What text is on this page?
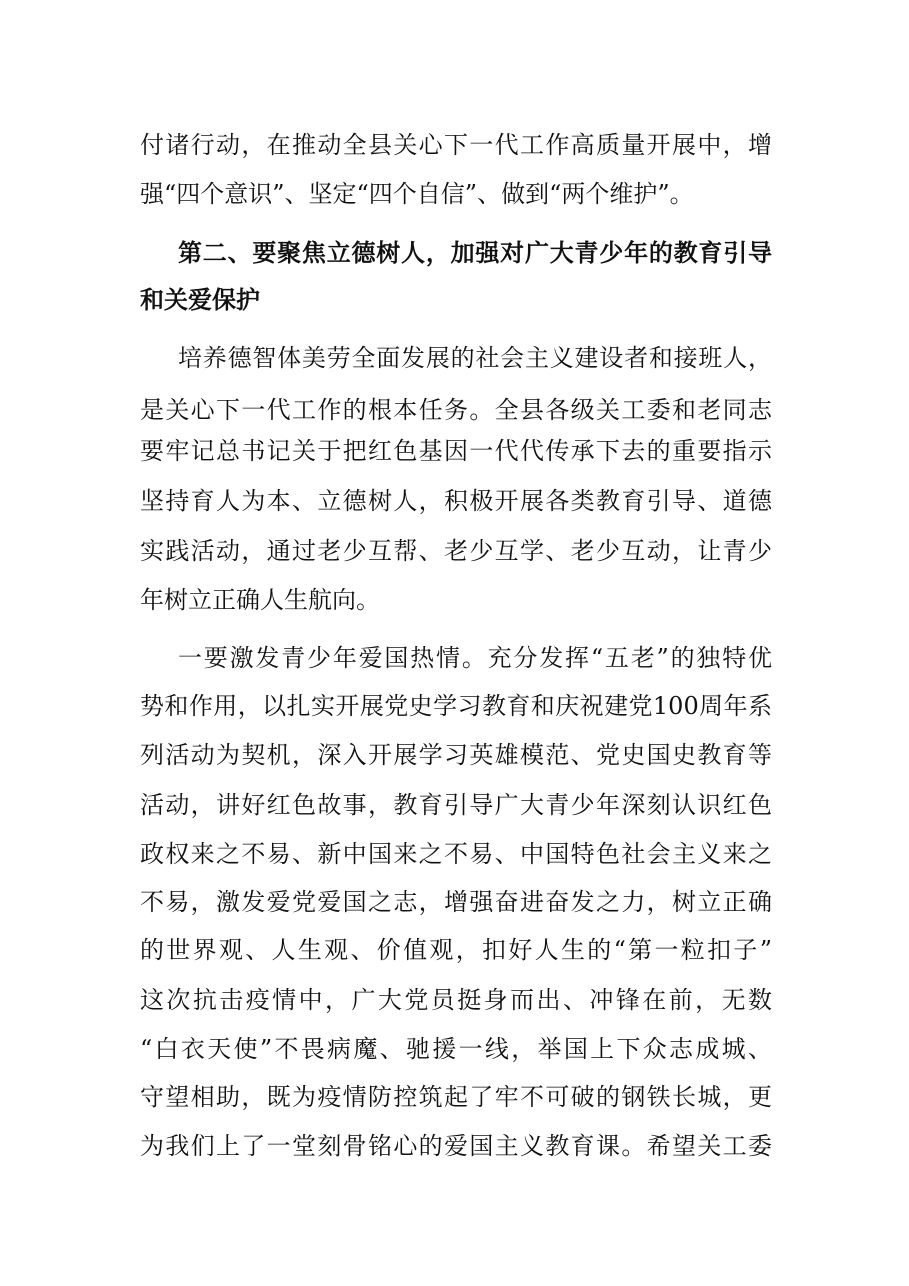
付诸行动，在推动全县关心下一代工作高质量开展中，增
强“四个意识”、坚定“四个自信”、做到“两个维护”。
第二、要聚焦立德树人，加强对广大青少年的教育引导
和关爱保护
培养德智体美劳全面发展的社会主义建设者和接班人，
是关心下一代工作的根本任务。全县各级关工委和老同志
要牢记总书记关于把红色基因一代代传承下去的重要指示
坚持育人为本、立德树人，积极开展各类教育引导、道德
实践活动，通过老少互帮、老少互学、老少互动，让青少
年树立正确人生航向。
一要激发青少年爱国热情。充分发挥“五老”的独特优
势和作用，以扎实开展党史学习教育和庆祝建党100周年系
列活动为契机，深入开展学习英雄模范、党史国史教育等
活动，讲好红色故事，教育引导广大青少年深刻认识红色
政权来之不易、新中国来之不易、中国特色社会主义来之
不易，激发爱党爱国之志，增强奋进奋发之力，树立正确
的世界观、人生观、价值观，扣好人生的“第一粒扣子”
这次抗击疫情中，广大党员挺身而出、冲锋在前，无数
“白衣天使”不畏病魔、驰援一线，举国上下众志成城、
守望相助，既为疫情防控筑起了牢不可破的钢铁长城，更
为我们上了一堂刻骨铭心的爱国主义教育课。希望关工委
